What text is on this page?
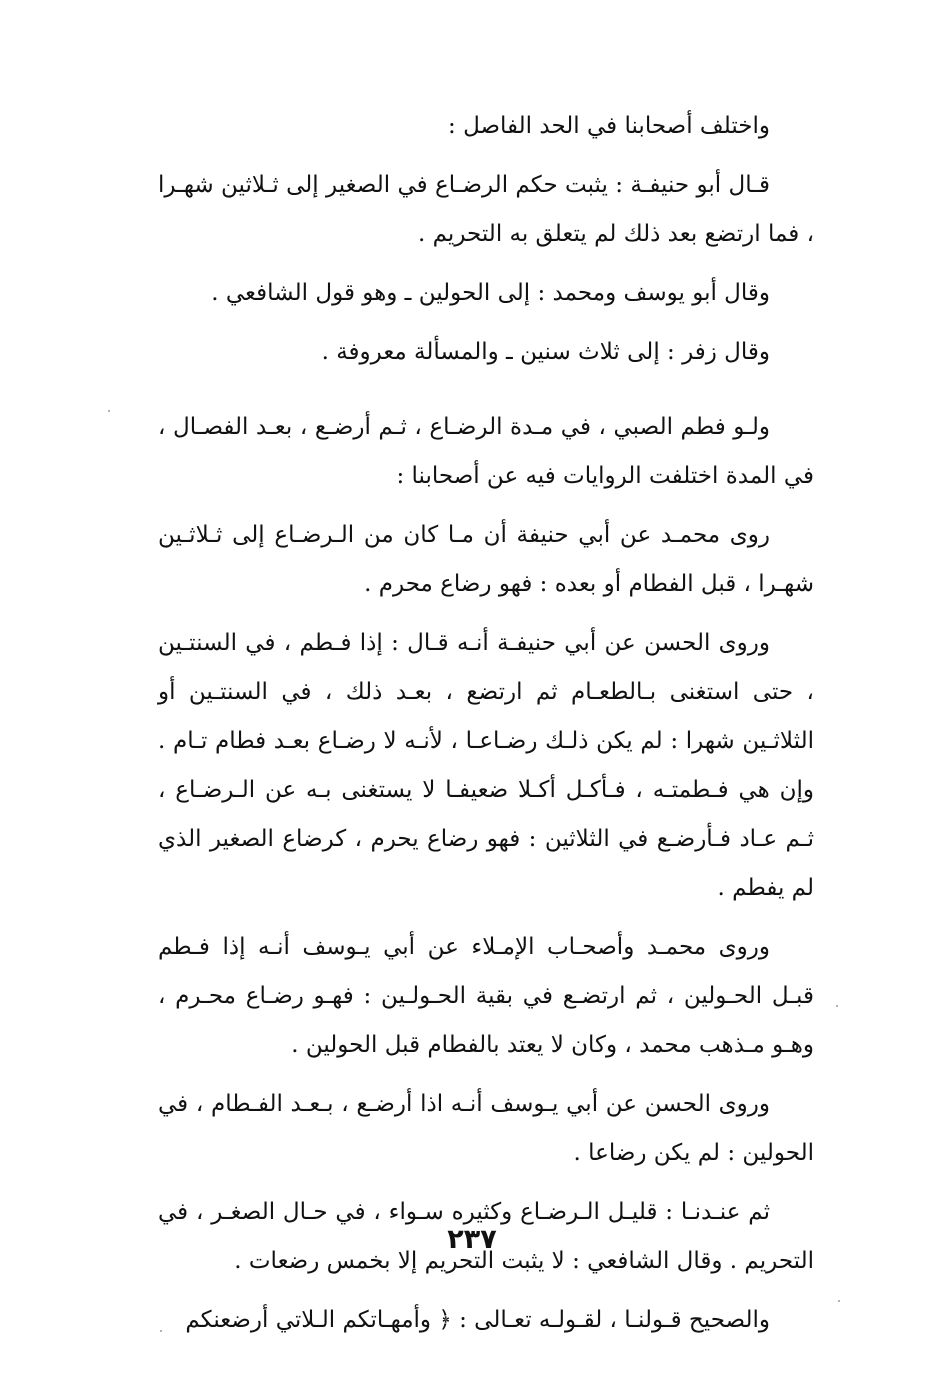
واختلف أصحابنا في الحد الفاصل :

قـال أبو حنيفـة : يثبت حكم الرضـاع في الصغير إلى ثـلاثين شهـرا ، فما ارتضع بعد ذلك لم يتعلق به التحريم .

وقال أبو يوسف ومحمد : إلى الحولين ـ وهو قول الشافعي .

وقال زفر : إلى ثلاث سنين ـ والمسألة معروفة .

ولـو فطم الصبي ، في مـدة الرضـاع ، ثـم أرضـع ، بعـد الفصـال ، في المدة اختلفت الروايات فيه عن أصحابنا :

روى محمـد عن أبي حنيفة أن مـا كان من الـرضـاع إلى ثـلاثـين شهـرا ، قبل الفطام أو بعده : فهو رضاع محرم .

وروى الحسن عن أبي حنيفـة أنـه قـال : إذا فـطم ، في السنتـين ، حتى استغنى بـالطعـام ثم ارتضع ، بعـد ذلك ، في السنتـين أو الثلاثـين شهرا : لم يكن ذلـك رضـاعـا ، لأنـه لا رضـاع بعـد فطام تـام . وإن هي فـطمتـه ، فـأكـل أكـلا ضعيفـا لا يستغنى بـه عن الـرضـاع ، ثـم عـاد فـأرضـع في الثلاثين : فهو رضاع يحرم ، كرضاع الصغير الذي لم يفطم .

وروى محمـد وأصحـاب الإمـلاء عن أبي يـوسف أنـه إذا فـطم قبـل الحـولين ، ثم ارتضـع في بقية الحـولـين : فهـو رضـاع محـرم ، وهـو مـذهب محمد ، وكان لا يعتد بالفطام قبل الحولين .

وروى الحسن عن أبي يـوسف أنـه اذا أرضـع ، بـعـد الفـطام ، في الحولين : لم يكن رضاعا .

ثم عنـدنـا : قليـل الـرضـاع وكثيره سـواء ، في حـال الصغـر ، في التحريم . وقال الشافعي : لا يثبت التحريم إلا بخمس رضعات .

والصحيح قـولنـا ، لقـولـه تعـالى : ﴿ وأمهـاتكم الـلاتي أرضعنكم

٢٣٧
